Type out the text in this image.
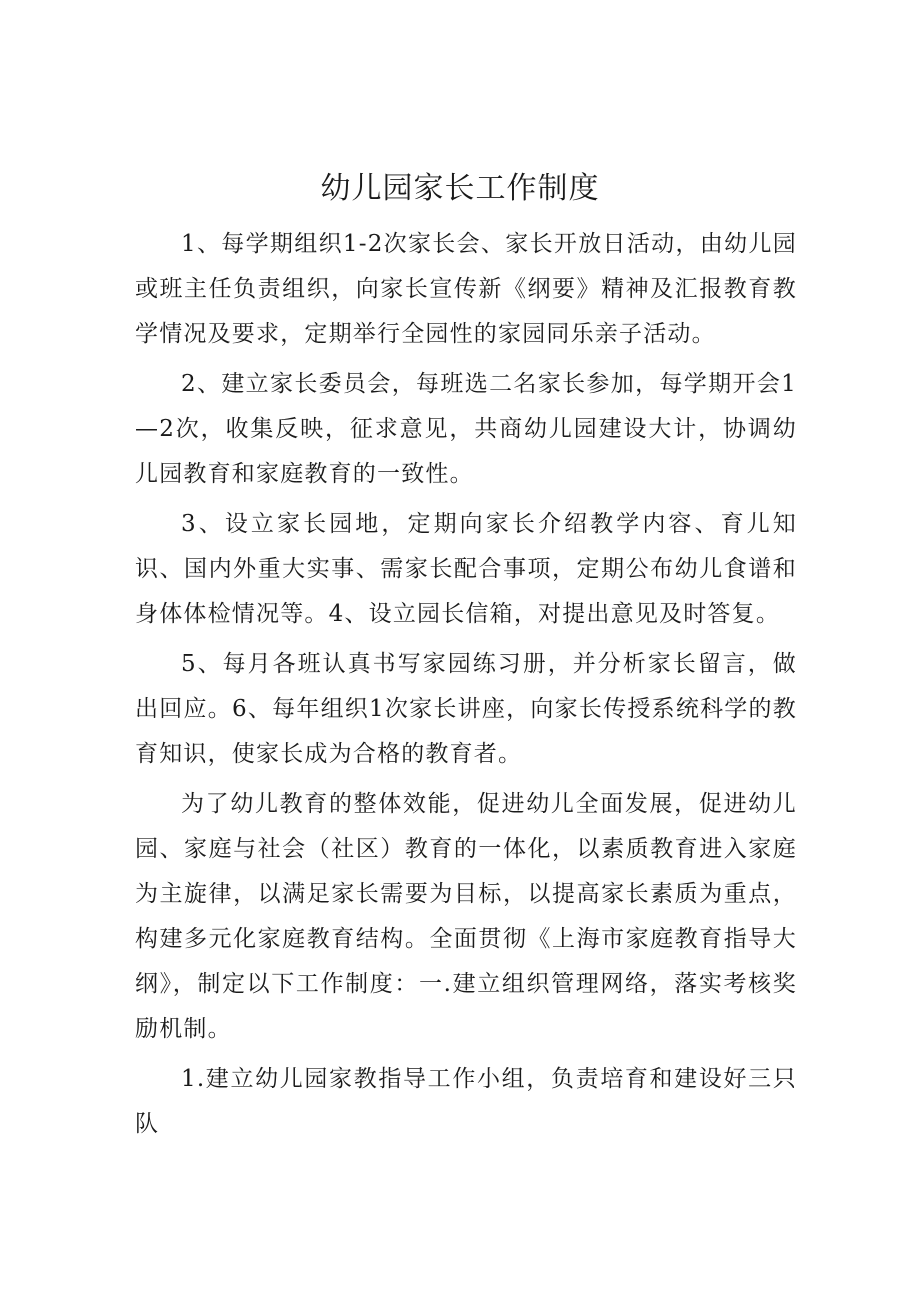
幼儿园家长工作制度

1、每学期组织1-2次家长会、家长开放日活动，由幼儿园或班主任负责组织，向家长宣传新《纲要》精神及汇报教育教学情况及要求，定期举行全园性的家园同乐亲子活动。

2、建立家长委员会，每班选二名家长参加，每学期开会1—2次，收集反映，征求意见，共商幼儿园建设大计，协调幼儿园教育和家庭教育的一致性。

3、设立家长园地，定期向家长介绍教学内容、育儿知识、国内外重大实事、需家长配合事项，定期公布幼儿食谱和身体体检情况等。4、设立园长信箱，对提出意见及时答复。

5、每月各班认真书写家园练习册，并分析家长留言，做出回应。6、每年组织1次家长讲座，向家长传授系统科学的教育知识，使家长成为合格的教育者。

为了幼儿教育的整体效能，促进幼儿全面发展，促进幼儿园、家庭与社会（社区）教育的一体化，以素质教育进入家庭为主旋律，以满足家长需要为目标，以提高家长素质为重点，构建多元化家庭教育结构。全面贯彻《上海市家庭教育指导大纲》，制定以下工作制度：一.建立组织管理网络，落实考核奖励机制。

1.建立幼儿园家教指导工作小组，负责培育和建设好三只队
